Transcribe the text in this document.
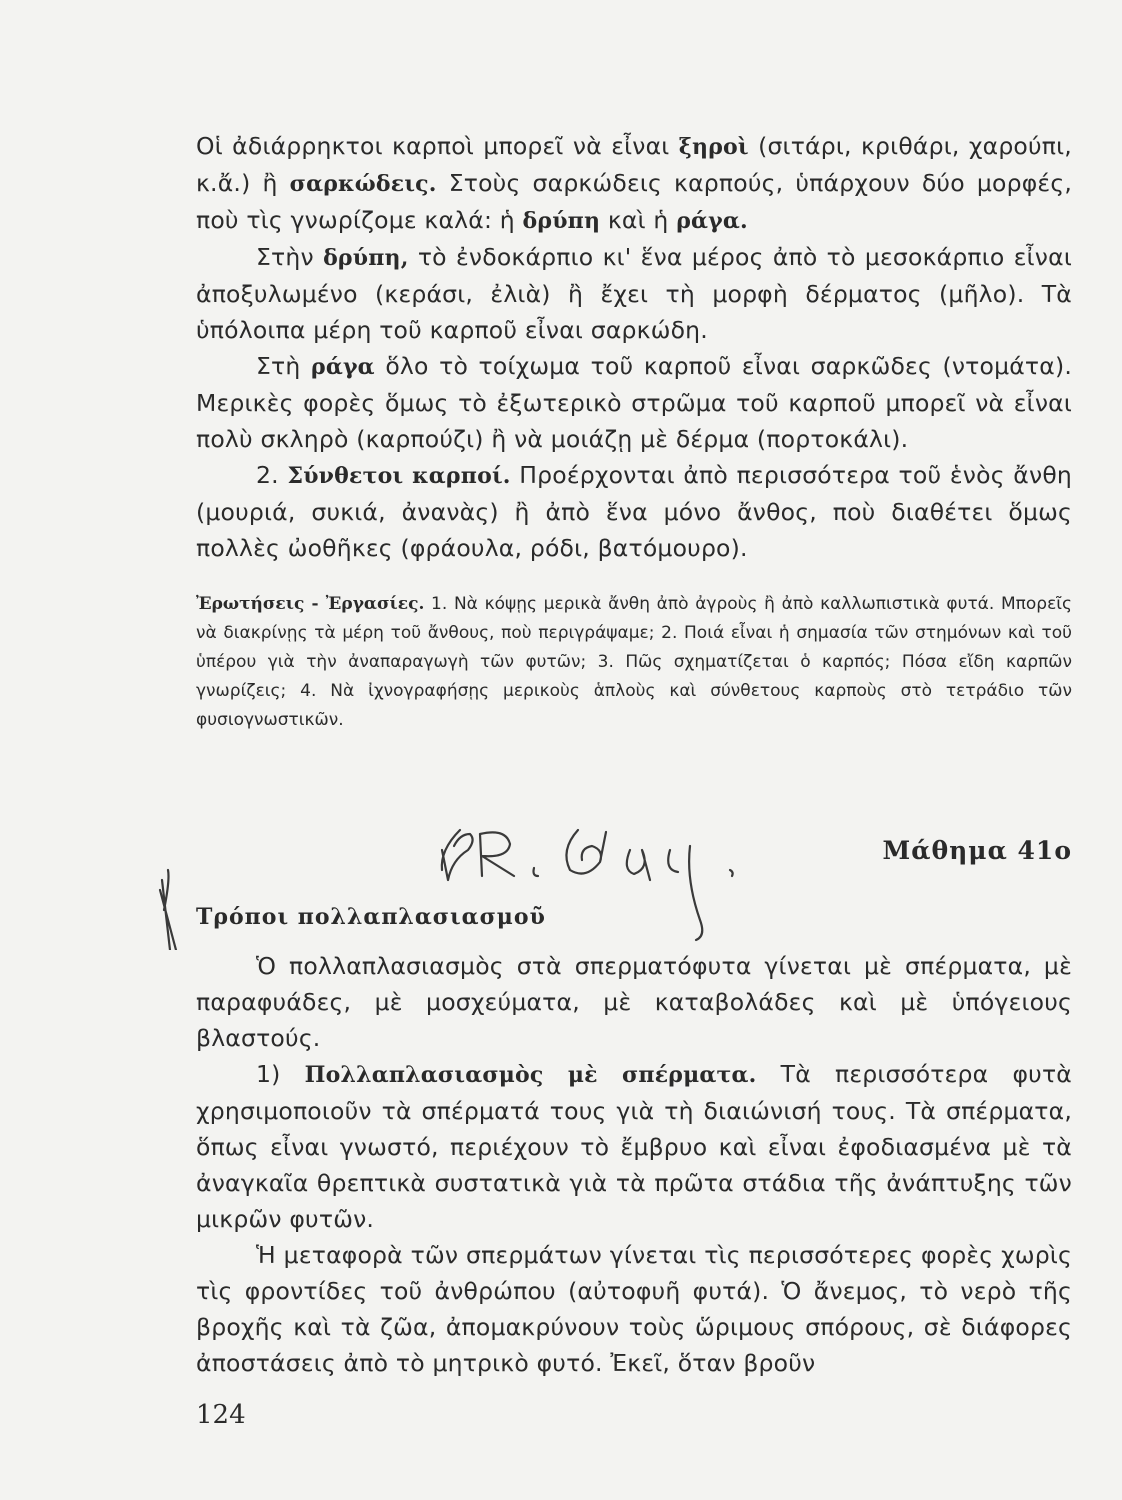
Οἱ ἀδιάρρηκτοι καρποὶ μπορεῖ νὰ εἶναι ξηροὶ (σιτάρι, κριθάρι, χαρούπι, κ.ἄ.) ἢ σαρκώδεις. Στοὺς σαρκώδεις καρπούς, ὑπάρχουν δύο μορφές, ποὺ τὶς γνωρίζομε καλά: ἡ δρύπη καὶ ἡ ράγα.

Στὴν δρύπη, τὸ ἐνδοκάρπιο κι' ἕνα μέρος ἀπὸ τὸ μεσοκάρπιο εἶναι ἀποξυλωμένο (κεράσι, ἐλιὰ) ἢ ἔχει τὴ μορφὴ δέρματος (μῆλο). Τὰ ὑπόλοιπα μέρη τοῦ καρποῦ εἶναι σαρκώδη.

Στὴ ράγα ὅλο τὸ τοίχωμα τοῦ καρποῦ εἶναι σαρκῶδες (ντομάτα). Μερικὲς φορὲς ὅμως τὸ ἐξωτερικὸ στρῶμα τοῦ καρποῦ μπορεῖ νὰ εἶναι πολὺ σκληρὸ (καρπούζι) ἢ νὰ μοιάζῃ μὲ δέρμα (πορτοκάλι).

2. Σύνθετοι καρποί. Προέρχονται ἀπὸ περισσότερα τοῦ ἑνὸς ἄνθη (μουριά, συκιά, ἀνανὰς) ἢ ἀπὸ ἕνα μόνο ἄνθος, ποὺ διαθέτει ὅμως πολλὲς ὠοθῆκες (φράουλα, ρόδι, βατόμουρο).

Ἐρωτήσεις - Ἐργασίες. 1. Νὰ κόψῃς μερικὰ ἄνθη ἀπὸ ἀγροὺς ἢ ἀπὸ καλλωπιστικὰ φυτά. Μπορεῖς νὰ διακρίνῃς τὰ μέρη τοῦ ἄνθους, ποὺ περιγράψαμε; 2. Ποιά εἶναι ἡ σημασία τῶν στημόνων καὶ τοῦ ὑπέρου γιὰ τὴν ἀναπαραγωγὴ τῶν φυτῶν; 3. Πῶς σχηματίζεται ὁ καρπός; Πόσα εἴδη καρπῶν γνωρίζεις; 4. Νὰ ἰχνογραφήσῃς μερικοὺς ἁπλοὺς καὶ σύνθετους καρποὺς στὸ τετράδιο τῶν φυσιογνωστικῶν.
Μάθημα 41ο
Τρόποι πολλαπλασιασμοῦ

Ὁ πολλαπλασιασμὸς στὰ σπερματόφυτα γίνεται μὲ σπέρματα, μὲ παραφυάδες, μὲ μοσχεύματα, μὲ καταβολάδες καὶ μὲ ὑπόγειους βλαστούς.

1) Πολλαπλασιασμὸς μὲ σπέρματα. Τὰ περισσότερα φυτὰ χρησιμοποιοῦν τὰ σπέρματά τους γιὰ τὴ διαιώνισή τους. Τὰ σπέρματα, ὅπως εἶναι γνωστό, περιέχουν τὸ ἔμβρυο καὶ εἶναι ἐφοδιασμένα μὲ τὰ ἀναγκαῖα θρεπτικὰ συστατικὰ γιὰ τὰ πρῶτα στάδια τῆς ἀνάπτυξης τῶν μικρῶν φυτῶν.

Ἡ μεταφορὰ τῶν σπερμάτων γίνεται τὶς περισσότερες φορὲς χωρὶς τὶς φροντίδες τοῦ ἀνθρώπου (αὐτοφυῆ φυτά). Ὁ ἄνεμος, τὸ νερὸ τῆς βροχῆς καὶ τὰ ζῶα, ἀπομακρύνουν τοὺς ὥριμους σπόρους, σὲ διάφορες ἀποστάσεις ἀπὸ τὸ μητρικὸ φυτό. Ἐκεῖ, ὅταν βροῦν

124
